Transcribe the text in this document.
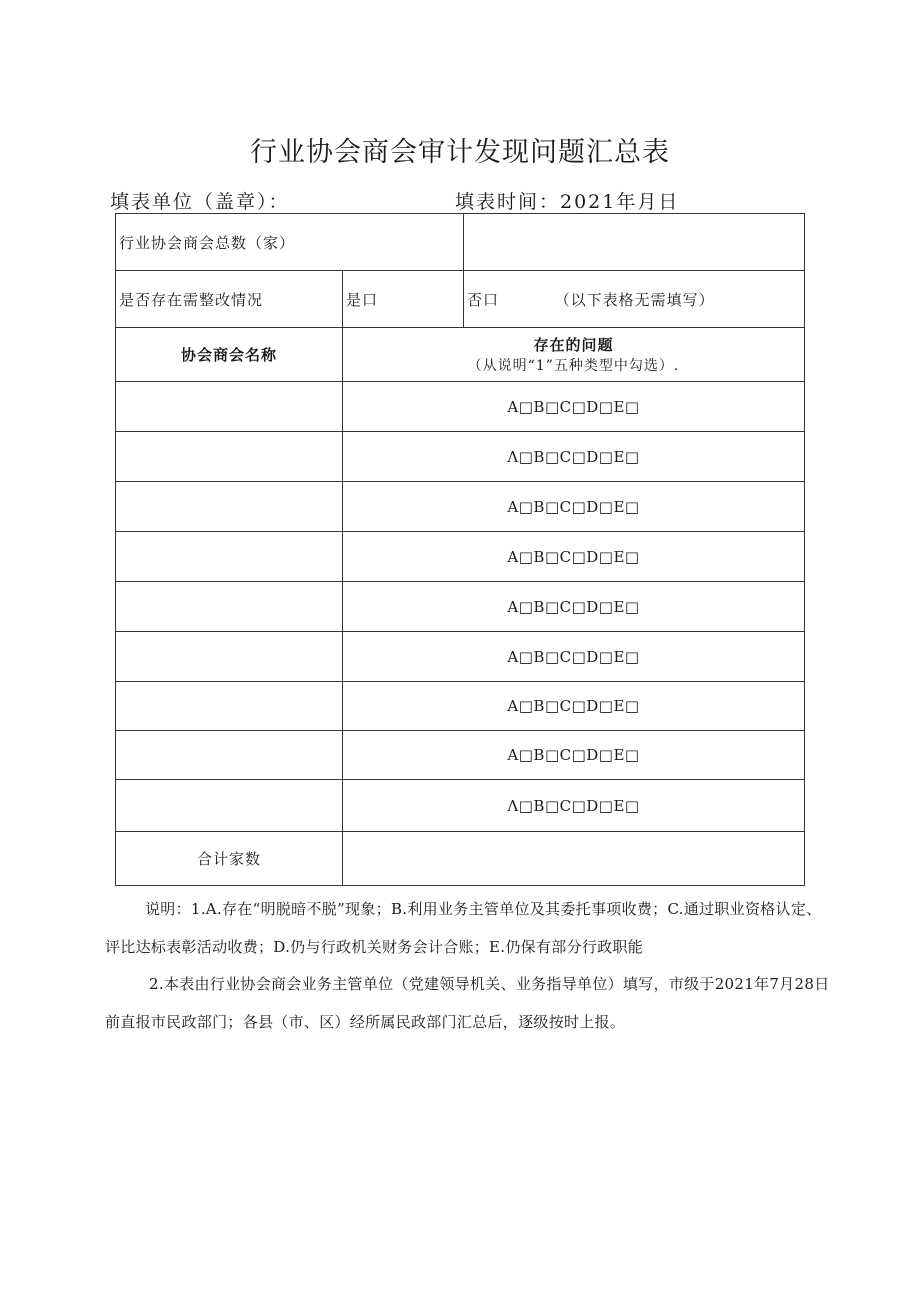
行业协会商会审计发现问题汇总表
填表单位（盖章）：	填表时间：2021年月日
行业协会商会总数（家）		
是否存在需整改情况	是口	否口 （以下表格无需填写）
协会商会名称	存在的问题
（从说明“1”五种类型中勾选）.	

	A□B□C□D□E□	
	Λ□B□C□D□E□	
	A□B□C□D□E□	
	A□B□C□D□E□	
	A□B□C□D□E□	
	A□B□C□D□E□	
	A□B□C□D□E□	
	A□B□C□D□E□	
	Λ□B□C□D□E□	
合计家数		
说明：1.A.存在“明脱暗不脱”现象；B.利用业务主管单位及其委托事项收费；C.通过职业资格认定、评比达标表彰活动收费；D.仍与行政机关财务会计合账；E.仍保有部分行政职能
2.本表由行业协会商会业务主管单位（党建领导机关、业务指导单位）填写，市级于2021年7月28日前直报市民政部门；各县（市、区）经所属民政部门汇总后，逐级按时上报。
